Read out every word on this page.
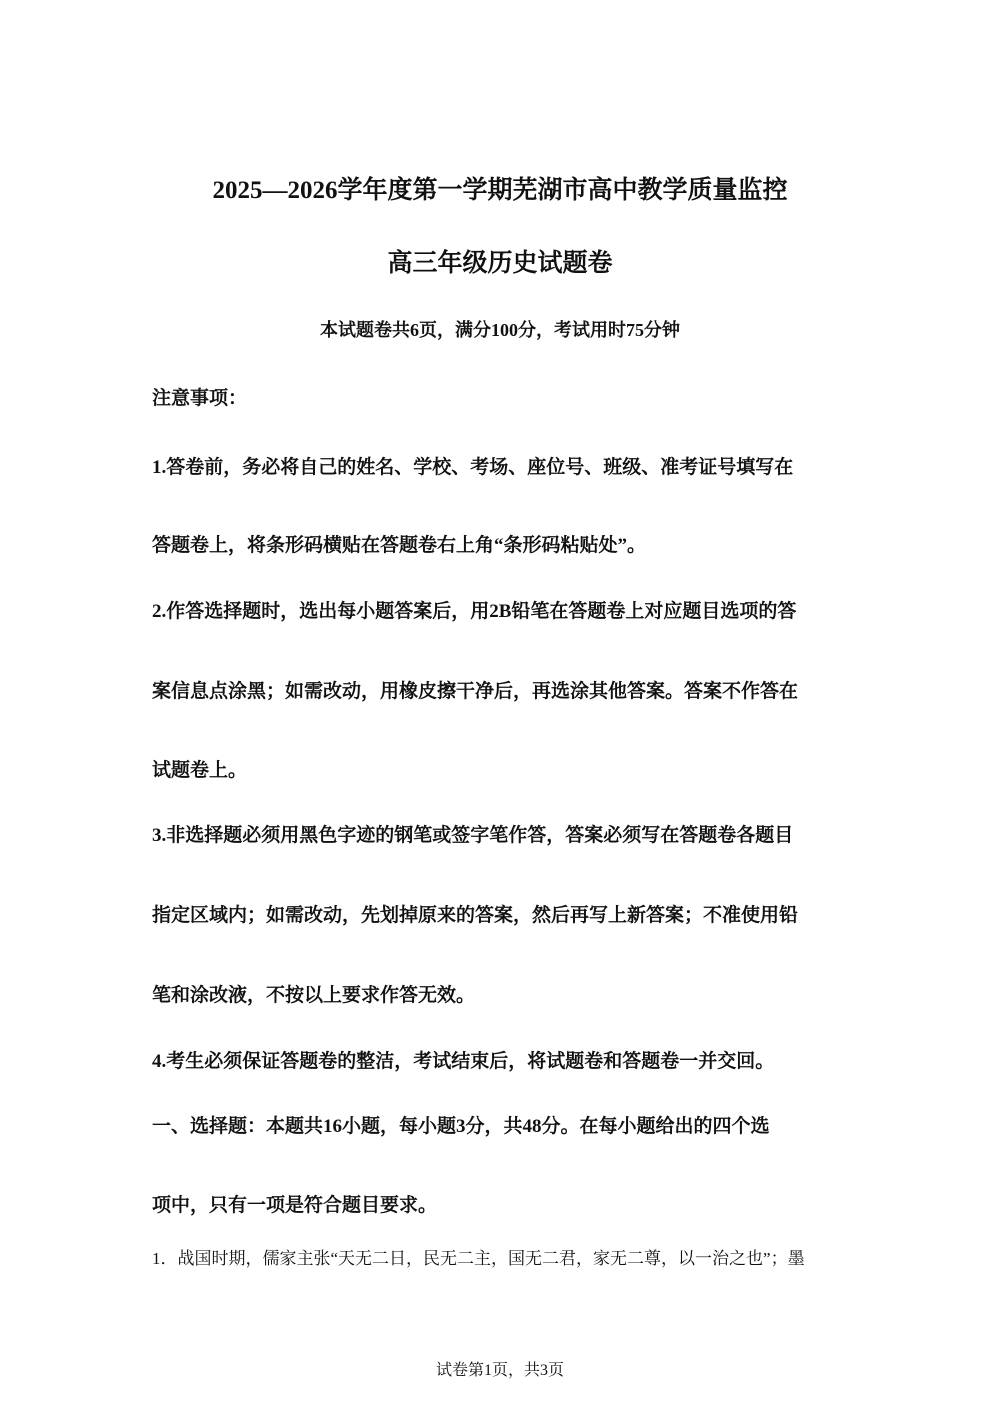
2025—2026学年度第一学期芜湖市高中教学质量监控
高三年级历史试题卷
本试题卷共6页，满分100分，考试用时75分钟
注意事项：
1.答卷前，务必将自己的姓名、学校、考场、座位号、班级、准考证号填写在
答题卷上，将条形码横贴在答题卷右上角“条形码粘贴处”。
2.作答选择题时，选出每小题答案后，用2B铅笔在答题卷上对应题目选项的答
案信息点涂黑；如需改动，用橡皮擦干净后，再选涂其他答案。答案不作答在
试题卷上。
3.非选择题必须用黑色字迹的钢笔或签字笔作答，答案必须写在答题卷各题目
指定区域内；如需改动，先划掉原来的答案，然后再写上新答案；不准使用铅
笔和涂改液，不按以上要求作答无效。
4.考生必须保证答题卷的整洁，考试结束后，将试题卷和答题卷一并交回。
一、选择题：本题共16小题，每小题3分，共48分。在每小题给出的四个选
项中，只有一项是符合题目要求。
1．战国时期，儒家主张“天无二日，民无二主，国无二君，家无二尊，以一治之也”；墨
试卷第1页，共3页
